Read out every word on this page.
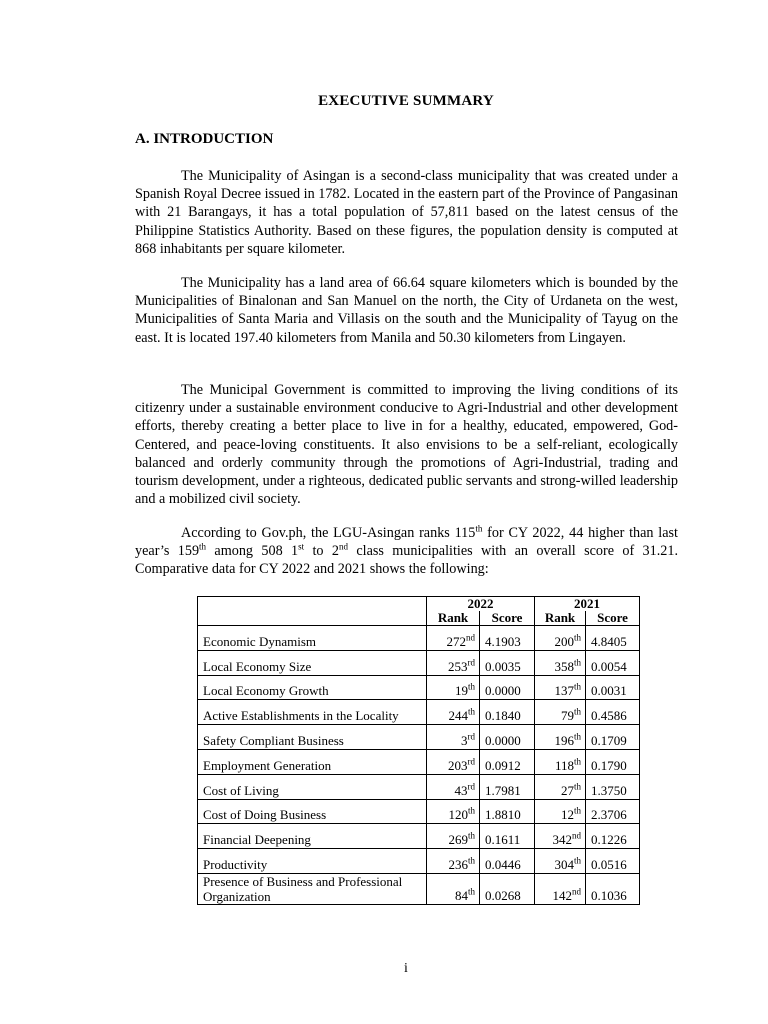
EXECUTIVE SUMMARY
A. INTRODUCTION

The Municipality of Asingan is a second-class municipality that was created under a Spanish Royal Decree issued in 1782. Located in the eastern part of the Province of Pangasinan with 21 Barangays, it has a total population of 57,811 based on the latest census of the Philippine Statistics Authority. Based on these figures, the population density is computed at 868 inhabitants per square kilometer.

The Municipality has a land area of 66.64 square kilometers which is bounded by the Municipalities of Binalonan and San Manuel on the north, the City of Urdaneta on the west, Municipalities of Santa Maria and Villasis on the south and the Municipality of Tayug on the east. It is located 197.40 kilometers from Manila and 50.30 kilometers from Lingayen.

The Municipal Government is committed to improving the living conditions of its citizenry under a sustainable environment conducive to Agri-Industrial and other development efforts, thereby creating a better place to live in for a healthy, educated, empowered, God-Centered, and peace-loving constituents. It also envisions to be a self-reliant, ecologically balanced and orderly community through the promotions of Agri-Industrial, trading and tourism development, under a righteous, dedicated public servants and strong-willed leadership and a mobilized civil society.

According to Gov.ph, the LGU-Asingan ranks 115th for CY 2022, 44 higher than last year’s 159th among 508 1st to 2nd class municipalities with an overall score of 31.21. Comparative data for CY 2022 and 2021 shows the following:

	2022		2021	
	Rank	Score	Rank	Score
Economic Dynamism	272nd	4.1903	200th	4.8405
Local Economy Size	253rd	0.0035	358th	0.0054
Local Economy Growth	19th	0.0000	137th	0.0031
Active Establishments in the Locality	244th	0.1840	79th	0.4586
Safety Compliant Business	3rd	0.0000	196th	0.1709
Employment Generation	203rd	0.0912	118th	0.1790
Cost of Living	43rd	1.7981	27th	1.3750
Cost of Doing Business	120th	1.8810	12th	2.3706
Financial Deepening	269th	0.1611	342nd	0.1226
Productivity	236th	0.0446	304th	0.0516
Presence of Business and Professional Organization	84th	0.0268	142nd	0.1036
i
